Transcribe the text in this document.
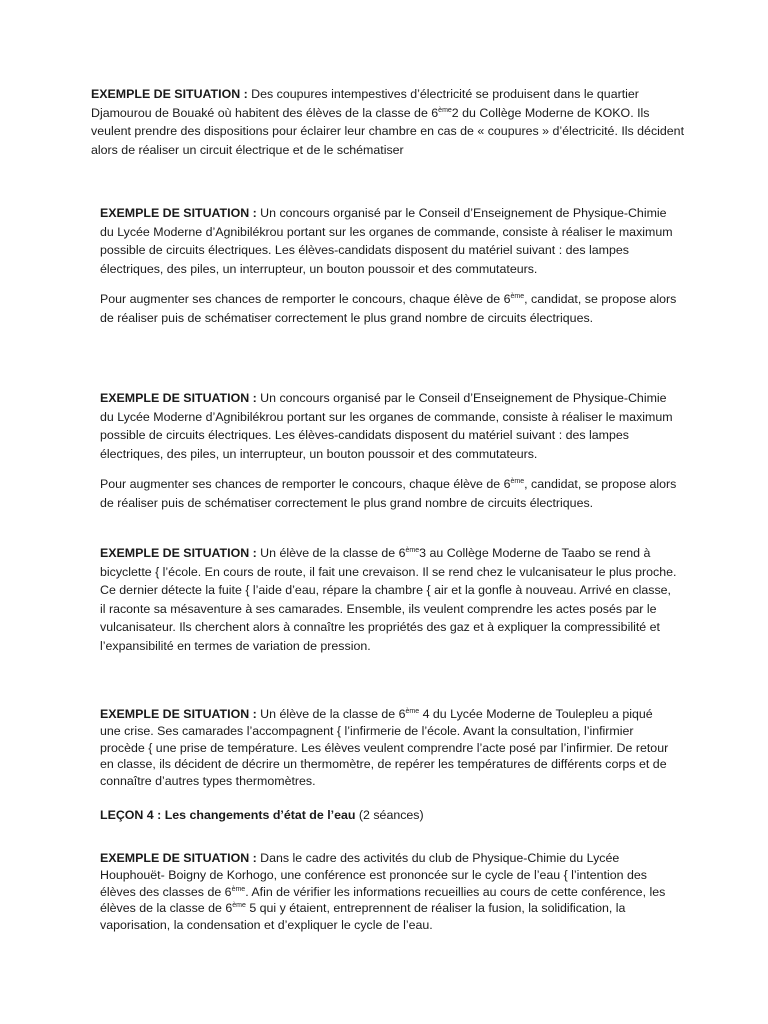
EXEMPLE DE SITUATION : Des coupures intempestives d’électricité se produisent dans le quartier Djamourou de Bouaké où habitent des élèves de la classe de 6ème2 du Collège Moderne de KOKO. Ils veulent prendre des dispositions pour éclairer leur chambre en cas de « coupures » d’électricité. Ils décident alors de réaliser un circuit électrique et de le schématiser

EXEMPLE DE SITUATION : Un concours organisé par le Conseil d’Enseignement de Physique-Chimie du Lycée Moderne d’Agnibilékrou portant sur les organes de commande, consiste à réaliser le maximum possible de circuits électriques. Les élèves-candidats disposent du matériel suivant : des lampes électriques, des piles, un interrupteur, un bouton poussoir et des commutateurs.

Pour augmenter ses chances de remporter le concours, chaque élève de 6ème, candidat, se propose alors de réaliser puis de schématiser correctement le plus grand nombre de circuits électriques.

EXEMPLE DE SITUATION : Un concours organisé par le Conseil d’Enseignement de Physique-Chimie du Lycée Moderne d’Agnibilékrou portant sur les organes de commande, consiste à réaliser le maximum possible de circuits électriques. Les élèves-candidats disposent du matériel suivant : des lampes électriques, des piles, un interrupteur, un bouton poussoir et des commutateurs.

Pour augmenter ses chances de remporter le concours, chaque élève de 6ème, candidat, se propose alors de réaliser puis de schématiser correctement le plus grand nombre de circuits électriques.

EXEMPLE DE SITUATION : Un élève de la classe de 6ème3 au Collège Moderne de Taabo se rend à bicyclette { l’école. En cours de route, il fait une crevaison. Il se rend chez le vulcanisateur le plus proche. Ce dernier détecte la fuite { l’aide d’eau, répare la chambre { air et la gonfle à nouveau. Arrivé en classe, il raconte sa mésaventure à ses camarades. Ensemble, ils veulent comprendre les actes posés par le vulcanisateur. Ils cherchent alors à connaître les propriétés des gaz et à expliquer la compressibilité et l’expansibilité en termes de variation de pression.

EXEMPLE DE SITUATION : Un élève de la classe de 6ème 4 du Lycée Moderne de Toulepleu a piqué une crise. Ses camarades l’accompagnent { l’infirmerie de l’école. Avant la consultation, l’infirmier procède { une prise de température. Les élèves veulent comprendre l’acte posé par l’infirmier. De retour en classe, ils décident de décrire un thermomètre, de repérer les températures de différents corps et de connaître d’autres types thermomètres.

LEÇON 4 : Les changements d’état de l’eau (2 séances)

EXEMPLE DE SITUATION : Dans le cadre des activités du club de Physique-Chimie du Lycée Houphouët- Boigny de Korhogo, une conférence est prononcée sur le cycle de l’eau { l’intention des élèves des classes de 6ème. Afin de vérifier les informations recueillies au cours de cette conférence, les élèves de la classe de 6ème 5 qui y étaient, entreprennent de réaliser la fusion, la solidification, la vaporisation, la condensation et d’expliquer le cycle de l’eau.
